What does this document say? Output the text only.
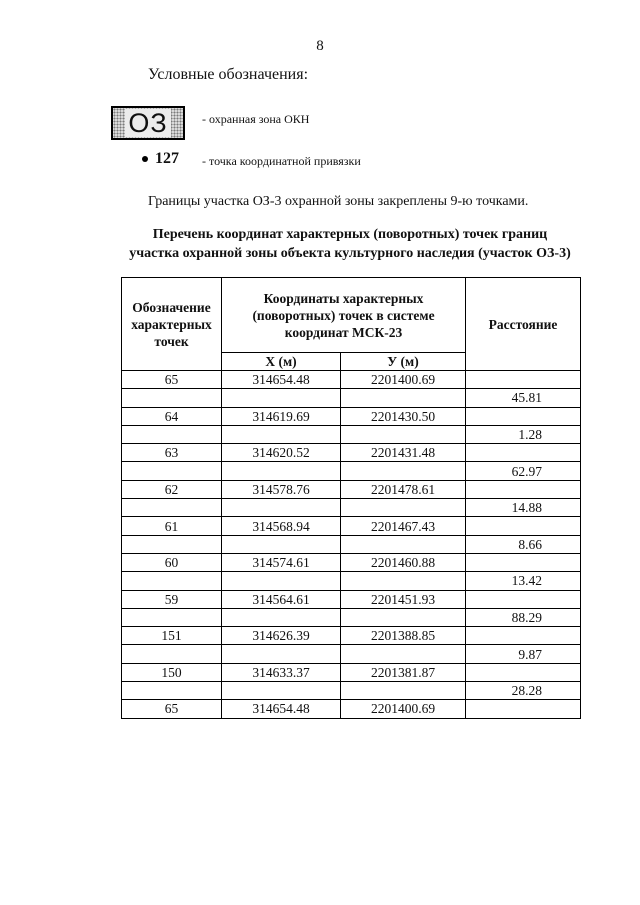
8
Условные обозначения:
ОЗ	- охранная зона ОКН
127 - точка координатной привязки
Границы участка ОЗ-3 охранной зоны закреплены 9-ю точками.
Перечень координат характерных (поворотных) точек границ
участка охранной зоны объекта культурного наследия (участок ОЗ-3)
Обозначение характерных точек	Координаты характерных (поворотных) точек в системе координат МСК-23		Расстояние
	Х (м)	У (м)	
65	314654.48	2201400.69	
			45.81
64	314619.69	2201430.50	
			1.28
63	314620.52	2201431.48	
			62.97
62	314578.76	2201478.61	
			14.88
61	314568.94	2201467.43	
			8.66
60	314574.61	2201460.88	
			13.42
59	314564.61	2201451.93	
			88.29
151	314626.39	2201388.85	
			9.87
150	314633.37	2201381.87	
			28.28
65	314654.48	2201400.69	
